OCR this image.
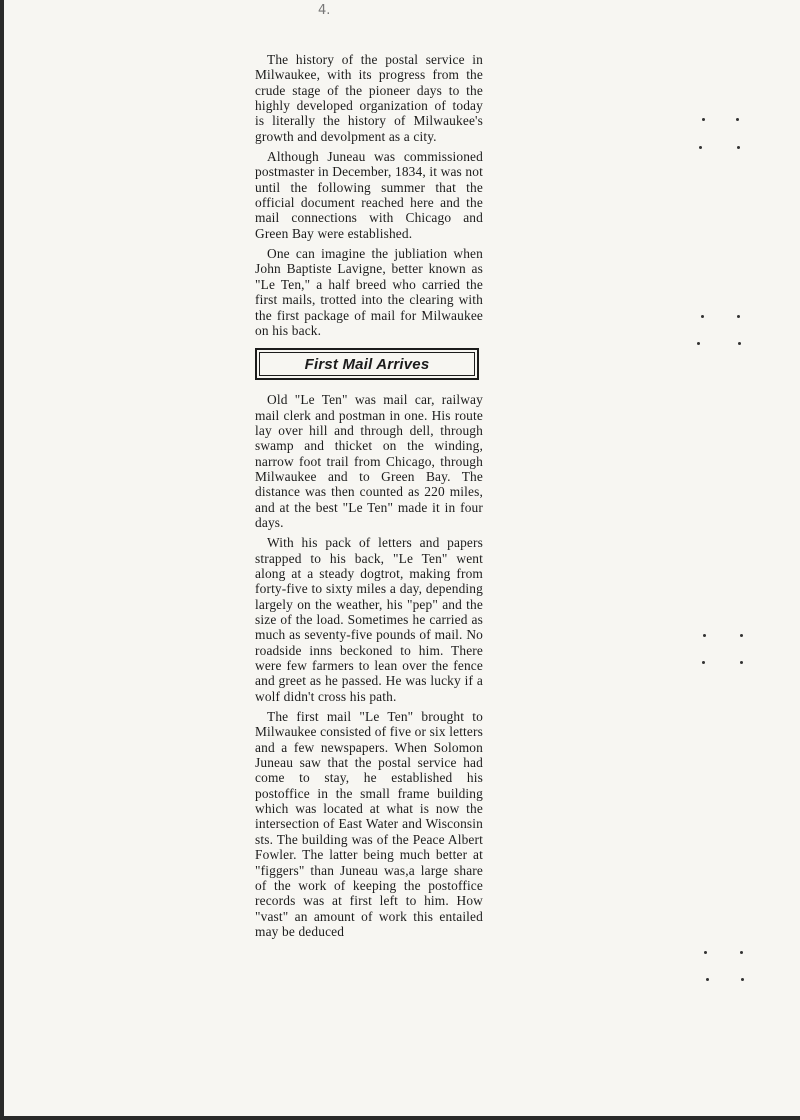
4.

The history of the postal service in Milwaukee, with its progress from the crude stage of the pioneer days to the highly developed organization of today is literally the history of Milwaukee's growth and devolpment as a city.

Although Juneau was commissioned postmaster in December, 1834, it was not until the following summer that the official document reached here and the mail connections with Chicago and Green Bay were established.

One can imagine the jubliation when John Baptiste Lavigne, better known as "Le Ten," a half breed who carried the first mails, trotted into the clearing with the first package of mail for Milwaukee on his back.

First Mail Arrives

Old "Le Ten" was mail car, railway mail clerk and postman in one. His route lay over hill and through dell, through swamp and thicket on the winding, narrow foot trail from Chicago, through Milwaukee and to Green Bay. The distance was then counted as 220 miles, and at the best "Le Ten" made it in four days.

With his pack of letters and papers strapped to his back, "Le Ten" went along at a steady dogtrot, making from forty-five to sixty miles a day, depending largely on the weather, his "pep" and the size of the load. Sometimes he carried as much as seventy-five pounds of mail. No roadside inns beckoned to him. There were few farmers to lean over the fence and greet as he passed. He was lucky if a wolf didn't cross his path.

The first mail "Le Ten" brought to Milwaukee consisted of five or six letters and a few newspapers. When Solomon Juneau saw that the postal service had come to stay, he established his postoffice in the small frame building which was located at what is now the intersection of East Water and Wisconsin sts. The building was of the Peace Albert Fowler. The latter being much better at "figgers" than Juneau was,a large share of the work of keeping the postoffice records was at first left to him. How "vast" an amount of work this entailed may be deduced
